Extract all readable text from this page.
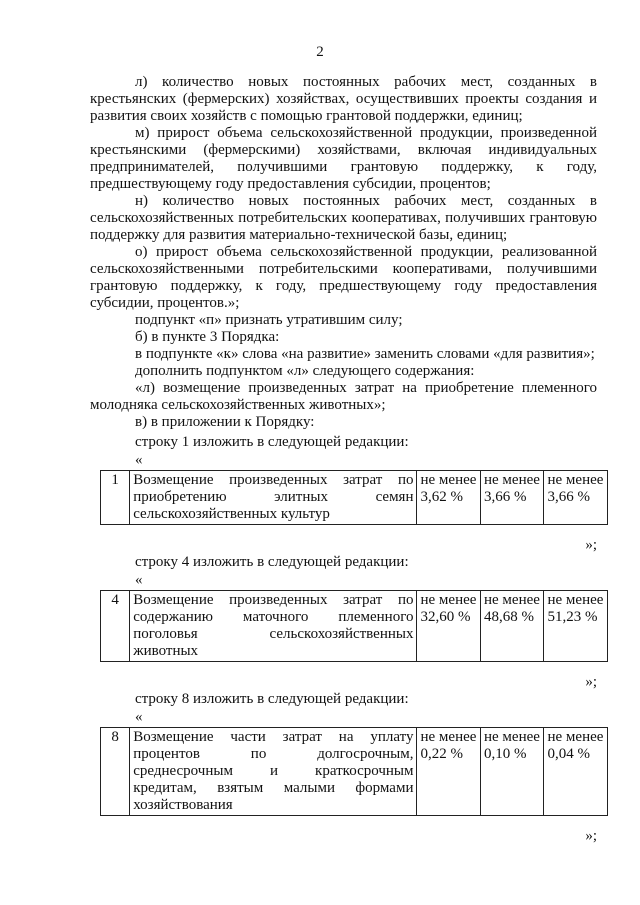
2
л) количество новых постоянных рабочих мест, созданных в крестьянских (фермерских) хозяйствах, осуществивших проекты создания и развития своих хозяйств с помощью грантовой поддержки, единиц;
м) прирост объема сельскохозяйственной продукции, произведенной крестьянскими (фермерскими) хозяйствами, включая индивидуальных предпринимателей, получившими грантовую поддержку, к году, предшествующему году предоставления субсидии, процентов;
н) количество новых постоянных рабочих мест, созданных в сельскохозяйственных потребительских кооперативах, получивших грантовую поддержку для развития материально-технической базы, единиц;
о) прирост объема сельскохозяйственной продукции, реализованной сельскохозяйственными потребительскими кооперативами, получившими грантовую поддержку, к году, предшествующему году предоставления субсидии, процентов.»;
подпункт «п» признать утратившим силу;
б) в пункте 3 Порядка:
в подпункте «к» слова «на развитие» заменить словами «для развития»;
дополнить подпунктом «л» следующего содержания:
«л) возмещение произведенных затрат на приобретение племенного молодняка сельскохозяйственных животных»;
в) в приложении к Порядку:
строку 1 изложить в следующей редакции:
«
1	Возмещение произведенных затрат по приобретению элитных семян сельскохозяйственных культур	не менее 3,62 %	не менее 3,66 %	не менее 3,66 %
»;
строку 4 изложить в следующей редакции:
«
4	Возмещение произведенных затрат по содержанию маточного племенного поголовья сельскохозяйственных животных	не менее 32,60 %	не менее 48,68 %	не менее 51,23 %
»;
строку 8 изложить в следующей редакции:
«
8	Возмещение части затрат на уплату процентов по долгосрочным, среднесрочным и краткосрочным кредитам, взятым малыми формами хозяйствования	не менее 0,22 %	не менее 0,10 %	не менее 0,04 %
»;
